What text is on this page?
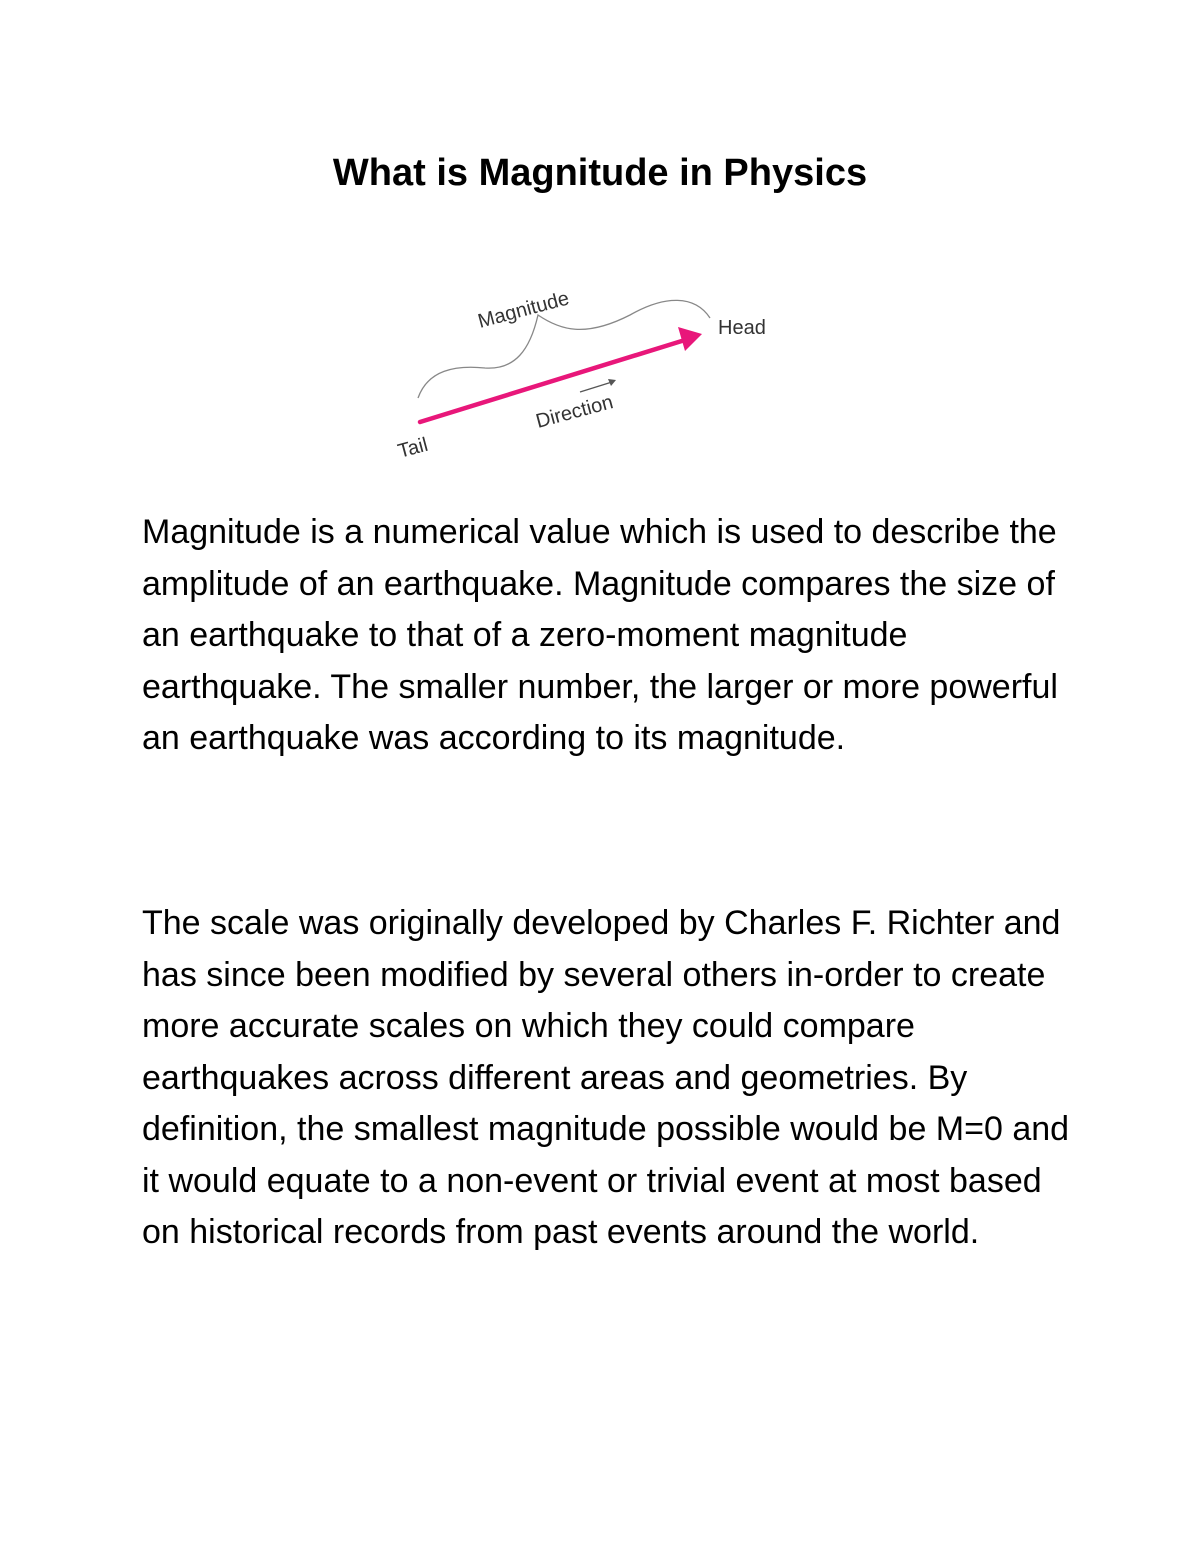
What is Magnitude in Physics
Magnitude	Head
Direction
Tail

Magnitude is a numerical value which is used to describe the amplitude of an earthquake. Magnitude compares the size of an earthquake to that of a zero-moment magnitude earthquake. The smaller number, the larger or more powerful an earthquake was according to its magnitude.

The scale was originally developed by Charles F. Richter and has since been modified by several others in-order to create more accurate scales on which they could compare earthquakes across different areas and geometries. By definition, the smallest magnitude possible would be M=0 and it would equate to a non-event or trivial event at most based on historical records from past events around the world.
